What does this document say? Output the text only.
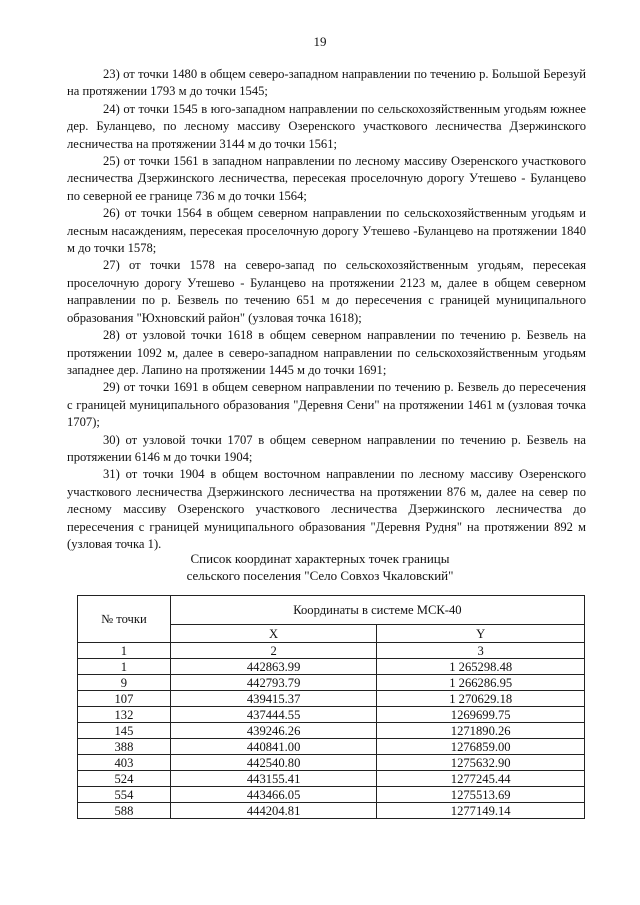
19

23) от точки 1480 в общем северо-западном направлении по течению р. Большой Березуй на протяжении 1793 м до точки 1545;

24) от точки 1545 в юго-западном направлении по сельскохозяйственным угодьям южнее дер. Буланцево, по лесному массиву Озеренского участкового лесничества Дзержинского лесничества на протяжении 3144 м до точки 1561;

25) от точки 1561 в западном направлении по лесному массиву Озеренского участкового лесничества Дзержинского лесничества, пересекая проселочную дорогу Утешево - Буланцево по северной ее границе 736 м до точки 1564;

26) от точки 1564 в общем северном направлении по сельскохозяйственным угодьям и лесным насаждениям, пересекая проселочную дорогу Утешево -Буланцево на протяжении 1840 м до точки 1578;

27) от точки 1578 на северо-запад по сельскохозяйственным угодьям, пересекая проселочную дорогу Утешево - Буланцево на протяжении 2123 м, далее в общем северном направлении по р. Безвель по течению 651 м до пересечения с границей муниципального образования "Юхновский район" (узловая точка 1618);

28) от узловой точки 1618 в общем северном направлении по течению р. Безвель на протяжении 1092 м, далее в северо-западном направлении по сельскохозяйственным угодьям западнее дер. Лапино на протяжении 1445 м до точки 1691;

29) от точки 1691 в общем северном направлении по течению р. Безвель до пересечения с границей муниципального образования "Деревня Сени" на протяжении 1461 м (узловая точка 1707);

30) от узловой точки 1707 в общем северном направлении по течению р. Безвель на протяжении 6146 м до точки 1904;

31) от точки 1904 в общем восточном направлении по лесному массиву Озеренского участкового лесничества Дзержинского лесничества на протяжении 876 м, далее на север по лесному массиву Озеренского участкового лесничества Дзержинского лесничества до пересечения с границей муниципального образования "Деревня Рудня" на протяжении 892 м (узловая точка 1).

Список координат характерных точек границы
сельского поселения "Село Совхоз Чкаловский"
№ точки	Координаты в системе МСК-40	
	X	Y
1	2	3
1	442863.99	1 265298.48
9	442793.79	1 266286.95
107	439415.37	1 270629.18
132	437444.55	1269699.75
145	439246.26	1271890.26
388	440841.00	1276859.00
403	442540.80	1275632.90
524	443155.41	1277245.44
554	443466.05	1275513.69
588	444204.81	1277149.14
